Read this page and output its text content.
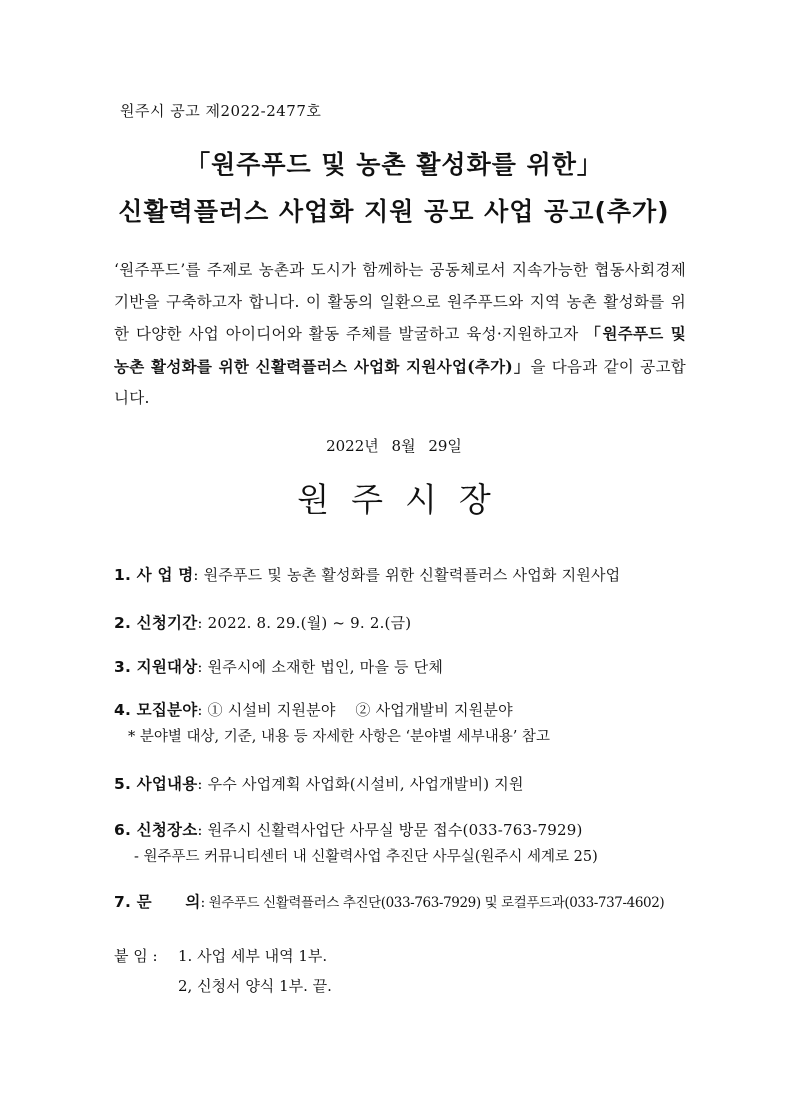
원주시 공고 제2022-2477호
「원주푸드 및 농촌 활성화를 위한」
신활력플러스 사업화 지원 공모 사업 공고(추가)
‘원주푸드’를 주제로 농촌과 도시가 함께하는 공동체로서 지속가능한 협동사회경제 기반을 구축하고자 합니다. 이 활동의 일환으로 원주푸드와 지역 농촌 활성화를 위한 다양한 사업 아이디어와 활동 주체를 발굴하고 육성·지원하고자 「원주푸드 및 농촌 활성화를 위한 신활력플러스 사업화 지원사업(추가)」을 다음과 같이 공고합니다.
2022년 8월 29일
원주시장
1. 사 업 명: 원주푸드 및 농촌 활성화를 위한 신활력플러스 사업화 지원사업
2. 신청기간: 2022. 8. 29.(월) ~ 9. 2.(금)
3. 지원대상: 원주시에 소재한 법인, 마을 등 단체
4. 모집분야: ① 시설비 지원분야    ② 사업개발비 지원분야
* 분야별 대상, 기준, 내용 등 자세한 사항은 ‘분야별 세부내용’ 참고
5. 사업내용: 우수 사업계획 사업화(시설비, 사업개발비) 지원
6. 신청장소: 원주시 신활력사업단 사무실 방문 접수(033-763-7929)
- 원주푸드 커뮤니티센터 내 신활력사업 추진단 사무실(원주시 세계로 25)
7. 문      의: 원주푸드 신활력플러스 추진단(033-763-7929) 및 로컬푸드과(033-737-4602)
붙 임 : 1. 사업 세부 내역 1부.
2, 신청서 양식 1부. 끝.
